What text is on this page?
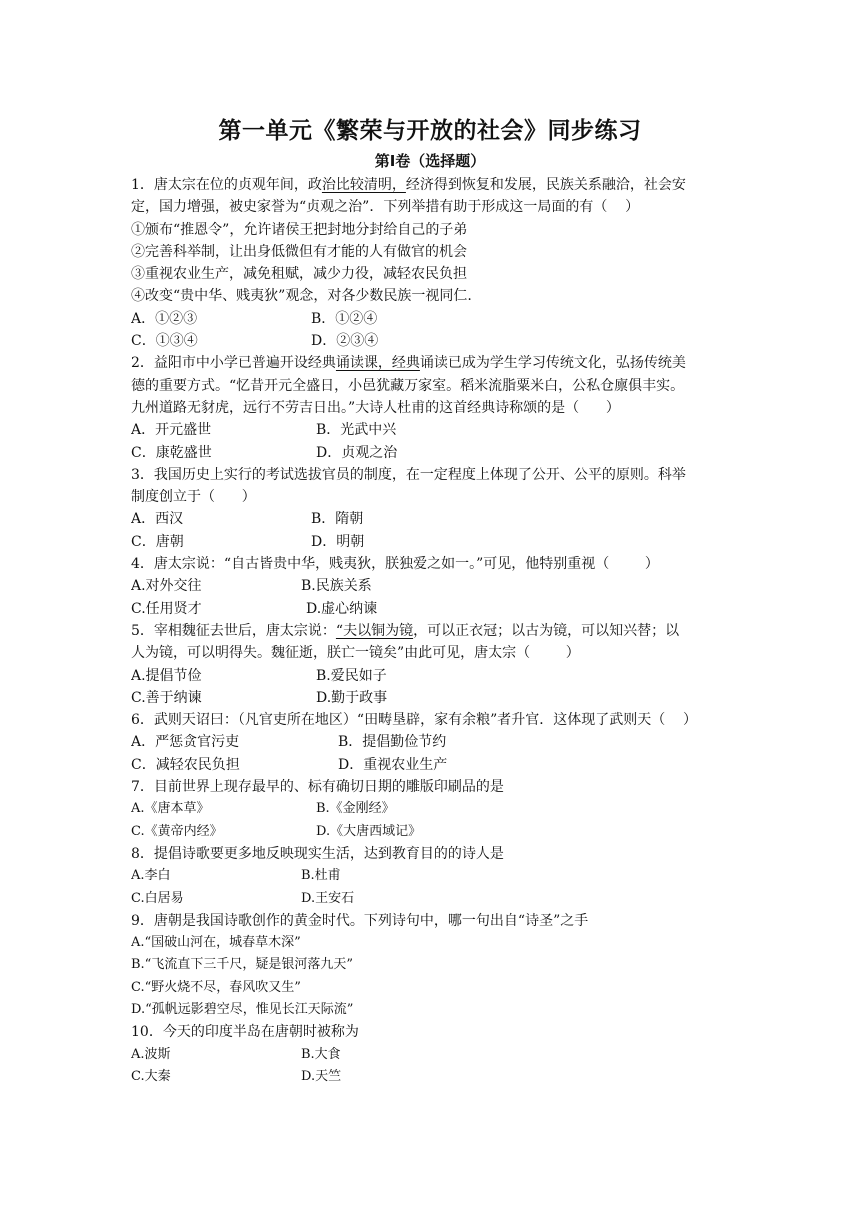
第一单元《繁荣与开放的社会》同步练习
第Ⅰ卷（选择题）
1．唐太宗在位的贞观年间，政治比较清明，经济得到恢复和发展，民族关系融洽，社会安
定，国力增强，被史家誉为“贞观之治”．下列举措有助于形成这一局面的有（    ）
①颁布“推恩令”，允许诸侯王把封地分封给自己的子弟
②完善科举制，让出身低微但有才能的人有做官的机会
③重视农业生产，减免租赋，减少力役，减轻农民负担
④改变“贵中华、贱夷狄”观念，对各少数民族一视同仁.
A．①②③	B．①②④
C．①③④	D．②③④
2．益阳市中小学已普遍开设经典诵读课，经典诵读已成为学生学习传统文化，弘扬传统美
德的重要方式。“忆昔开元全盛日，小邑犹藏万家室。稻米流脂粟米白，公私仓廪俱丰实。
九州道路无豺虎，远行不劳吉日出。”大诗人杜甫的这首经典诗称颂的是（      ）
A．开元盛世	B．光武中兴
C．康乾盛世	D．贞观之治
3．我国历史上实行的考试选拔官员的制度，在一定程度上体现了公开、公平的原则。科举
制度创立于（      ）
A．西汉	B．隋朝
C．唐朝	D．明朝
4．唐太宗说：“自古皆贵中华，贱夷狄，朕独爱之如一。”可见，他特别重视（        ）
A.对外交往	B.民族关系
C.任用贤才	D.虚心纳谏
5．宰相魏征去世后，唐太宗说：“夫以铜为镜，可以正衣冠；以古为镜，可以知兴替；以
人为镜，可以明得失。魏征逝，朕亡一镜矣”由此可见，唐太宗（        ）
A.提倡节俭	B.爱民如子
C.善于纳谏	D.勤于政事
6．武则天诏曰：（凡官吏所在地区）“田畴垦辟，家有余粮”者升官．这体现了武则天（    ）
A．严惩贪官污吏	B．提倡勤俭节约
C．减轻农民负担	D．重视农业生产
7．目前世界上现存最早的、标有确切日期的雕版印刷品的是
A.《唐本草》	B.《金刚经》
C.《黄帝内经》	D.《大唐西域记》
8．提倡诗歌要更多地反映现实生活，达到教育目的的诗人是
A.李白	B.杜甫
C.白居易	D.王安石
9．唐朝是我国诗歌创作的黄金时代。下列诗句中，哪一句出自“诗圣”之手
A.“国破山河在，城春草木深”
B.“飞流直下三千尺，疑是银河落九天”
C.“野火烧不尽，春风吹又生”
D.“孤帆远影碧空尽，惟见长江天际流”
10．今天的印度半岛在唐朝时被称为
A.波斯	B.大食
C.大秦	D.天竺
